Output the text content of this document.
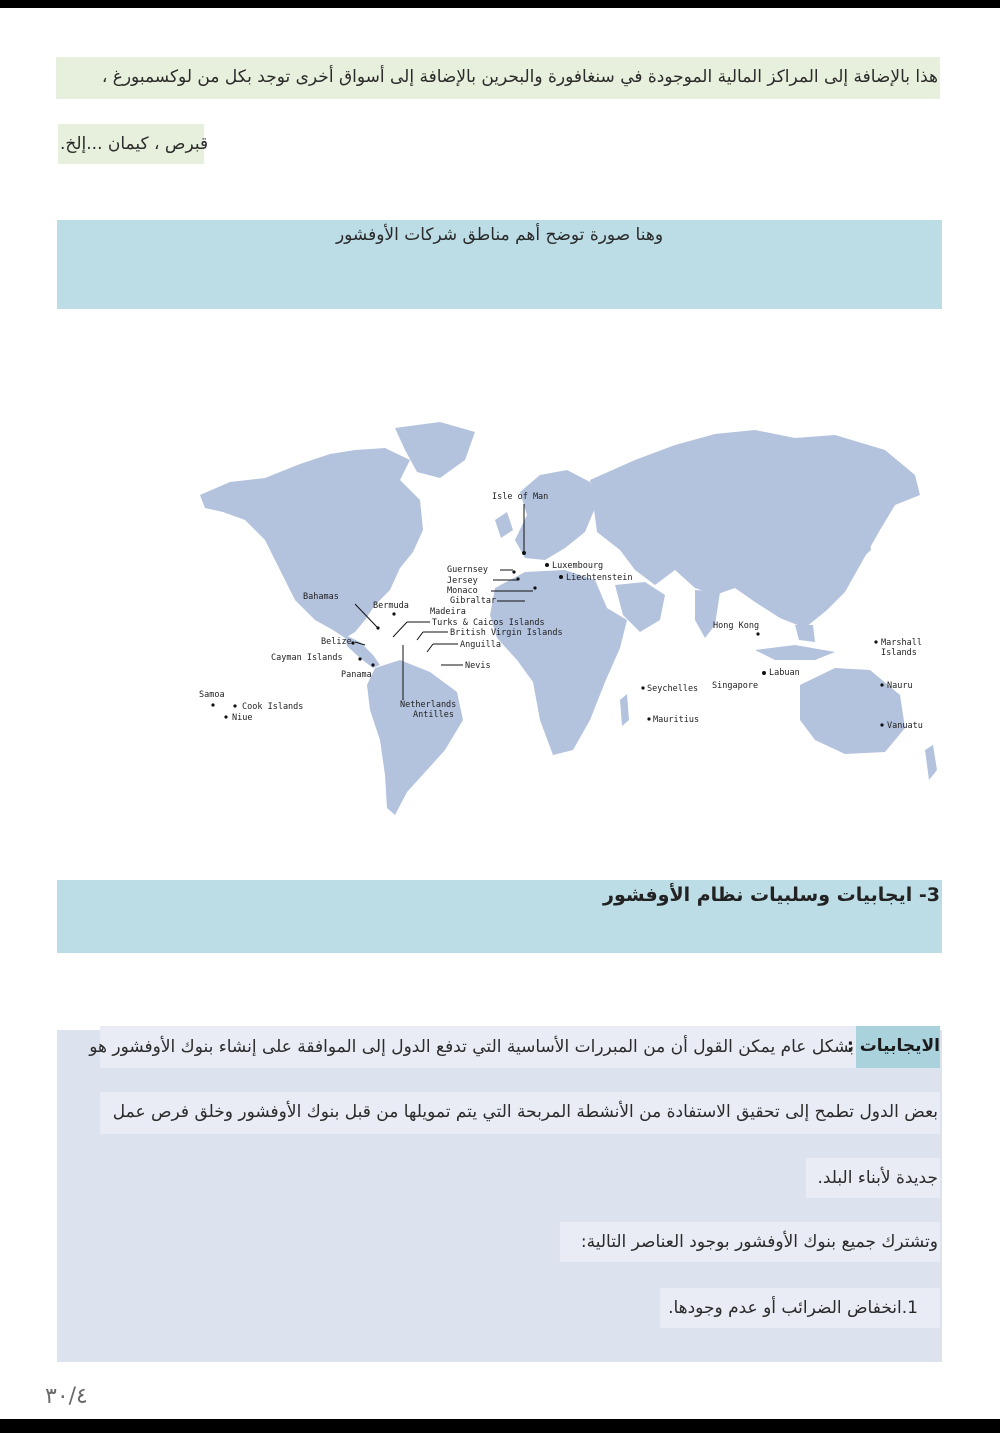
هذا بالإضافة إلى المراكز المالية الموجودة في سنغافورة والبحرين بالإضافة إلى أسواق أخرى توجد بكل من لوكسمبورغ ،
.قبرص ، كيمان ...إلخ
وهنا صورة توضح أهم مناطق شركات الأوفشور
Isle of Man
Guernsey
Jersey
Monaco
Gibraltar
Madeira
Luxembourg
Liechtenstein
Bahamas
Bermuda
Turks & Caicos Islands
British Virgin Islands
Anguilla
Nevis
Belize
Cayman Islands
Panama
Netherlands
Antilles
Samoa
Cook Islands
Niue
Hong Kong
Labuan
Singapore
Seychelles
Mauritius
Marshall
Islands
Nauru
Vanuatu
3- ايجابيات وسلبيات نظام الأوفشور
الايجابيات :
بشكل عام يمكن القول أن من المبررات الأساسية التي تدفع الدول إلى الموافقة على إنشاء بنوك الأوفشور هو
بعض الدول تطمح إلى تحقيق الاستفادة من الأنشطة المربحة التي يتم تمويلها من قبل بنوك الأوفشور وخلق فرص عمل
جديدة لأبناء البلد.
وتشترك جميع بنوك الأوفشور بوجود العناصر التالية:
1.انخفاض الضرائب أو عدم وجودها.
٣٠/٤
